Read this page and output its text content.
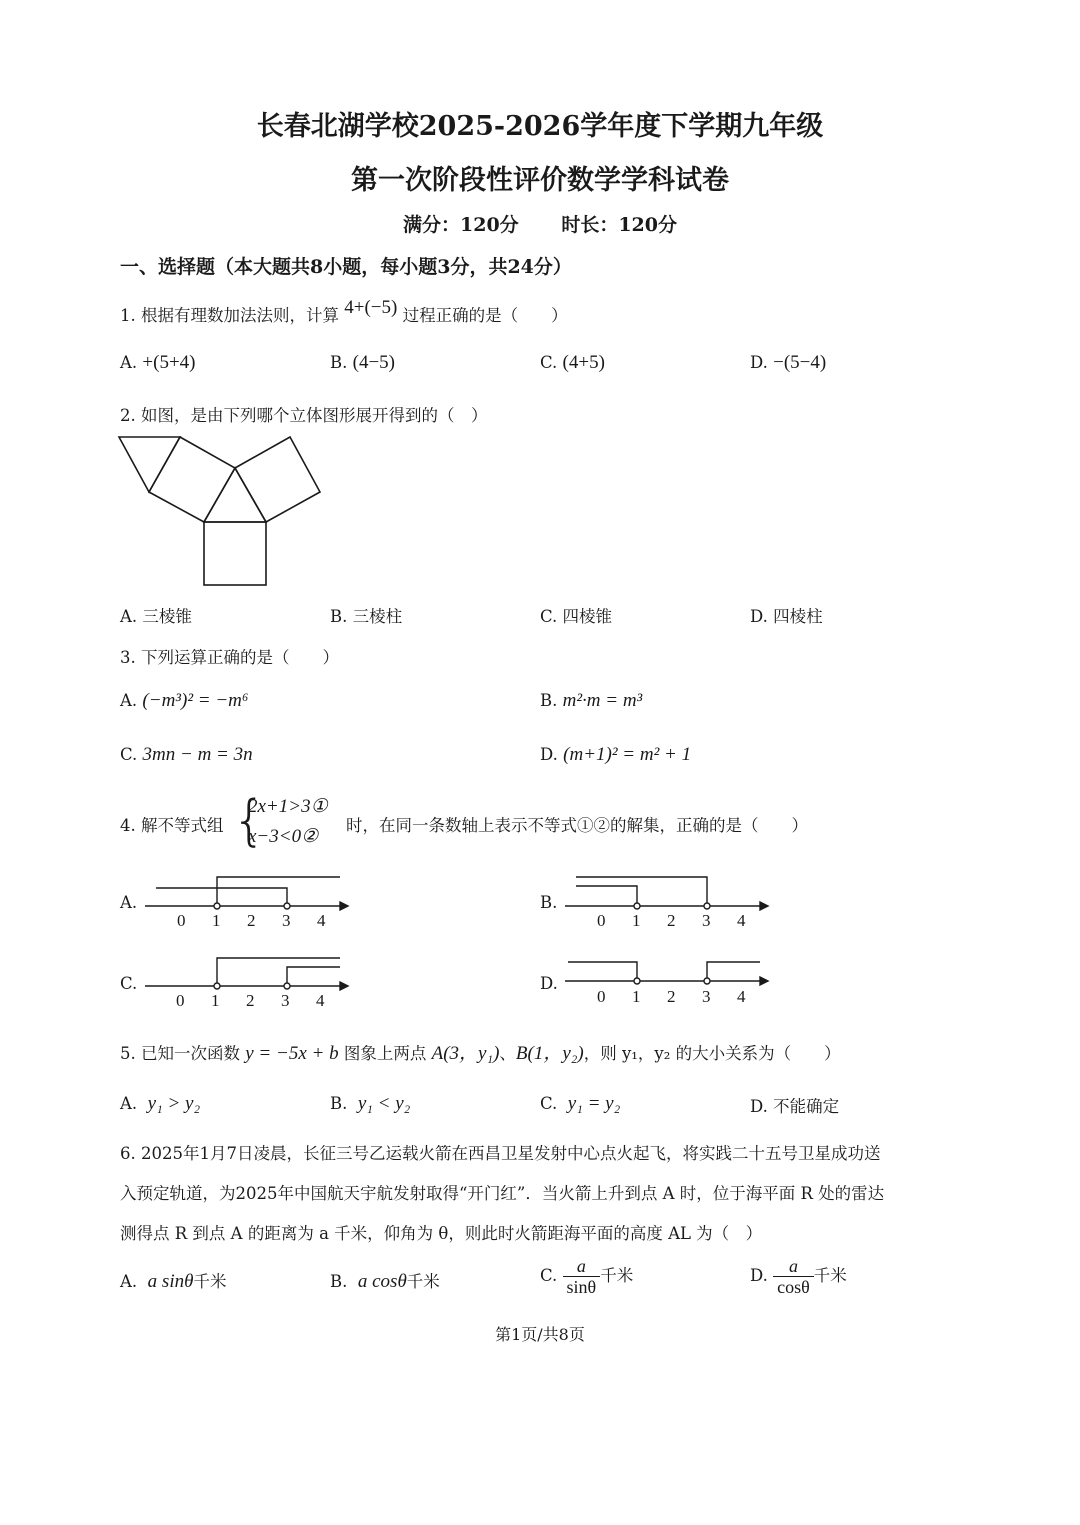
长春北湖学校2025-2026学年度下学期九年级
第一次阶段性评价数学学科试卷
满分：120分 时长：120分
一、选择题（本大题共8小题，每小题3分，共24分）
1. 根据有理数加法法则，计算 4+(−5) 过程正确的是（　　）
A. +(5+4)	B. (4−5)	C. (4+5)	D. −(5−4)
2. 如图，是由下列哪个立体图形展开得到的（　）
A. 三棱锥	B. 三棱柱	C. 四棱锥	D. 四棱柱
3. 下列运算正确的是（　　）
A. (−m³)² = −m⁶	B. m²·m = m³
C. 3mn − m = 3n	D. (m+1)² = m² + 1
4. 解不等式组 {
2x+1>3①
x−3<0②
时，在同一条数轴上表示不等式①②的解集，正确的是（　　）
A.	B.
C.	D.
0 1 2 3 4	0 1 2 3 4
0 1 2 3 4	0 1 2 3 4
5. 已知一次函数 y = −5x + b 图象上两点 A(3，y₁)、B(1，y₂)，则 y₁，y₂ 的大小关系为（　　）
A. y₁ > y₂	B. y₁ < y₂	C. y₁ = y₂	D. 不能确定
6. 2025年1月7日凌晨，长征三号乙运载火箭在西昌卫星发射中心点火起飞，将实践二十五号卫星成功送
入预定轨道，为2025年中国航天宇航发射取得“开门红”．当火箭上升到点 A 时，位于海平面 R 处的雷达
测得点 R 到点 A 的距离为 a 千米，仰角为 θ，则此时火箭距海平面的高度 AL 为（　）
A. a sinθ千米	B. a cosθ千米	C. $\frac{a}{\sin\theta}$ 千米	D. $\frac{a}{\cos\theta}$ 千米
第1页/共8页
